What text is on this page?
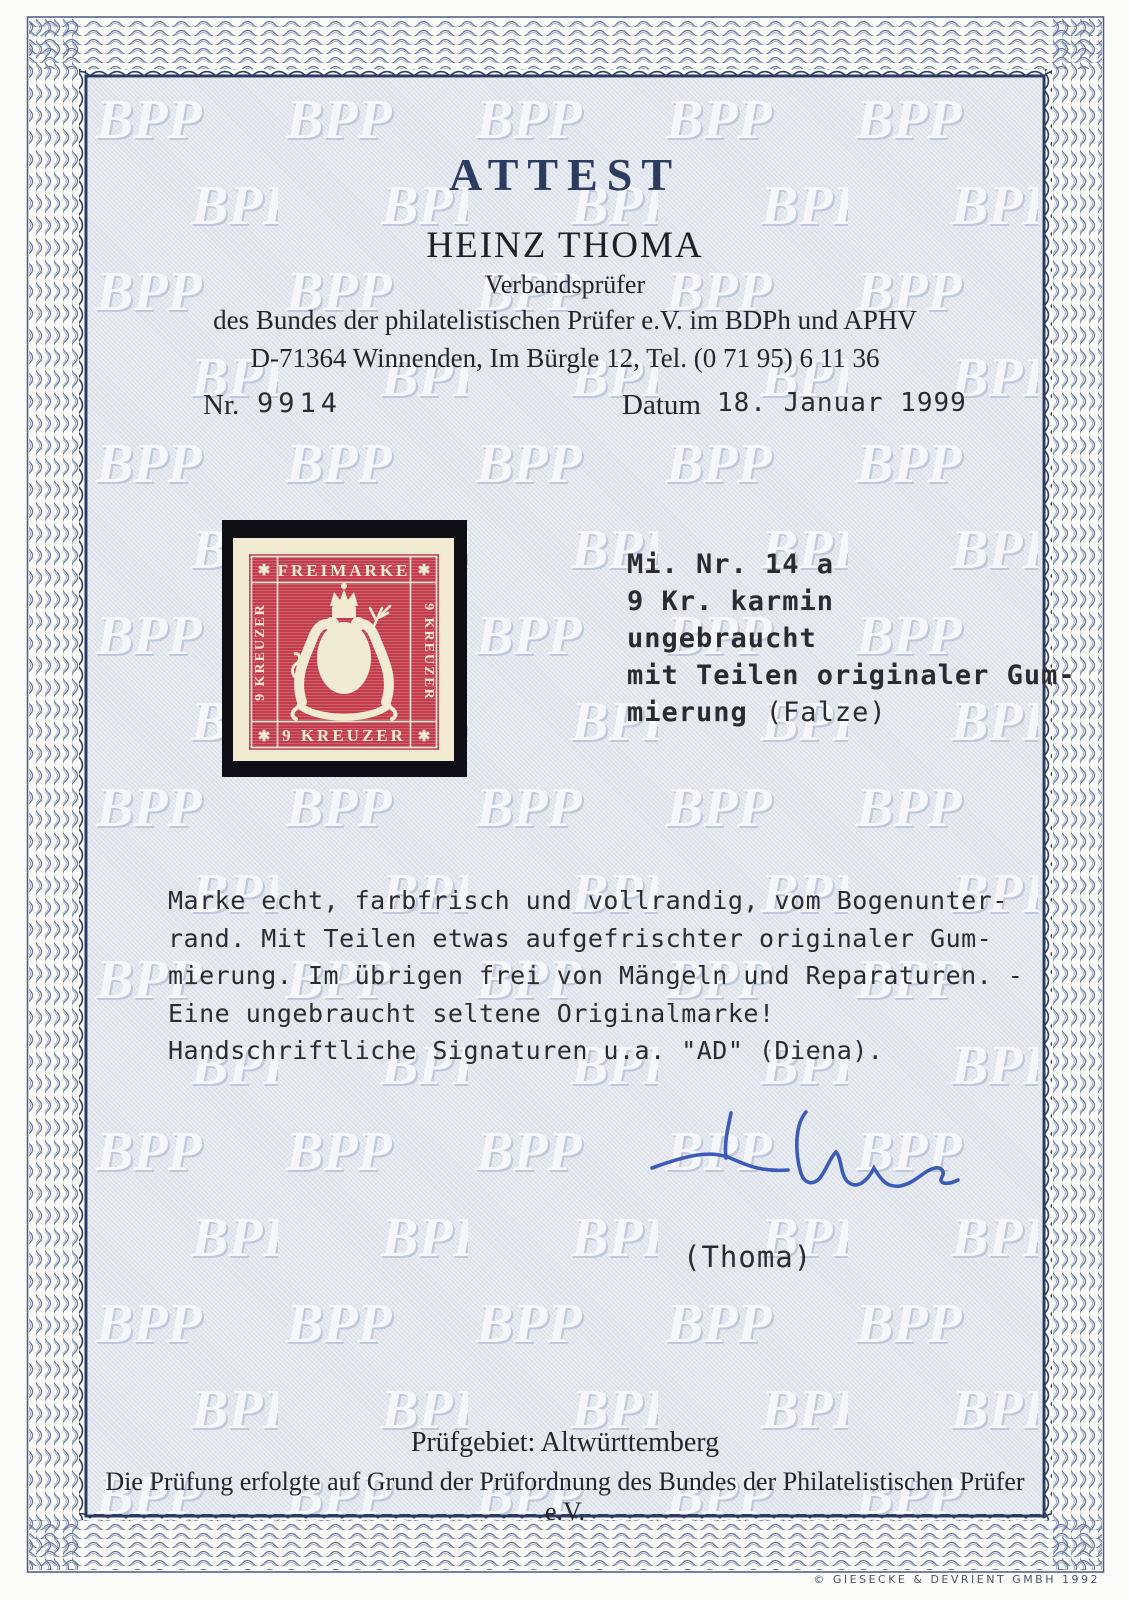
ATTEST
HEINZ THOMA
Verbandsprüfer
des Bundes der philatelistischen Prüfer e.V. im BDPh und APHV
D-71364 Winnenden, Im Bürgle 12, Tel. (0 71 95) 6 11 36
Nr. 9914	Datum 18. Januar 1999
FREIMARKE
9 KREUZER
9 KREUZER	9 KREUZER
✱	✱
✱	✱
Mi. Nr. 14 a
9 Kr. karmin
ungebraucht
mit Teilen originaler Gum-
mierung (Falze)
Marke echt, farbfrisch und vollrandig, vom Bogenunter-
rand. Mit Teilen etwas aufgefrischter originaler Gum-
mierung. Im übrigen frei von Mängeln und Reparaturen. -
Eine ungebraucht seltene Originalmarke!
Handschriftliche Signaturen u.a. "AD" (Diena).
(Thoma)
Prüfgebiet: Altwürttemberg
Die Prüfung erfolgte auf Grund der Prüfordnung des Bundes der Philatelistischen Prüfer e.V.
© GIESECKE & DEVRIENT GMBH 1992
